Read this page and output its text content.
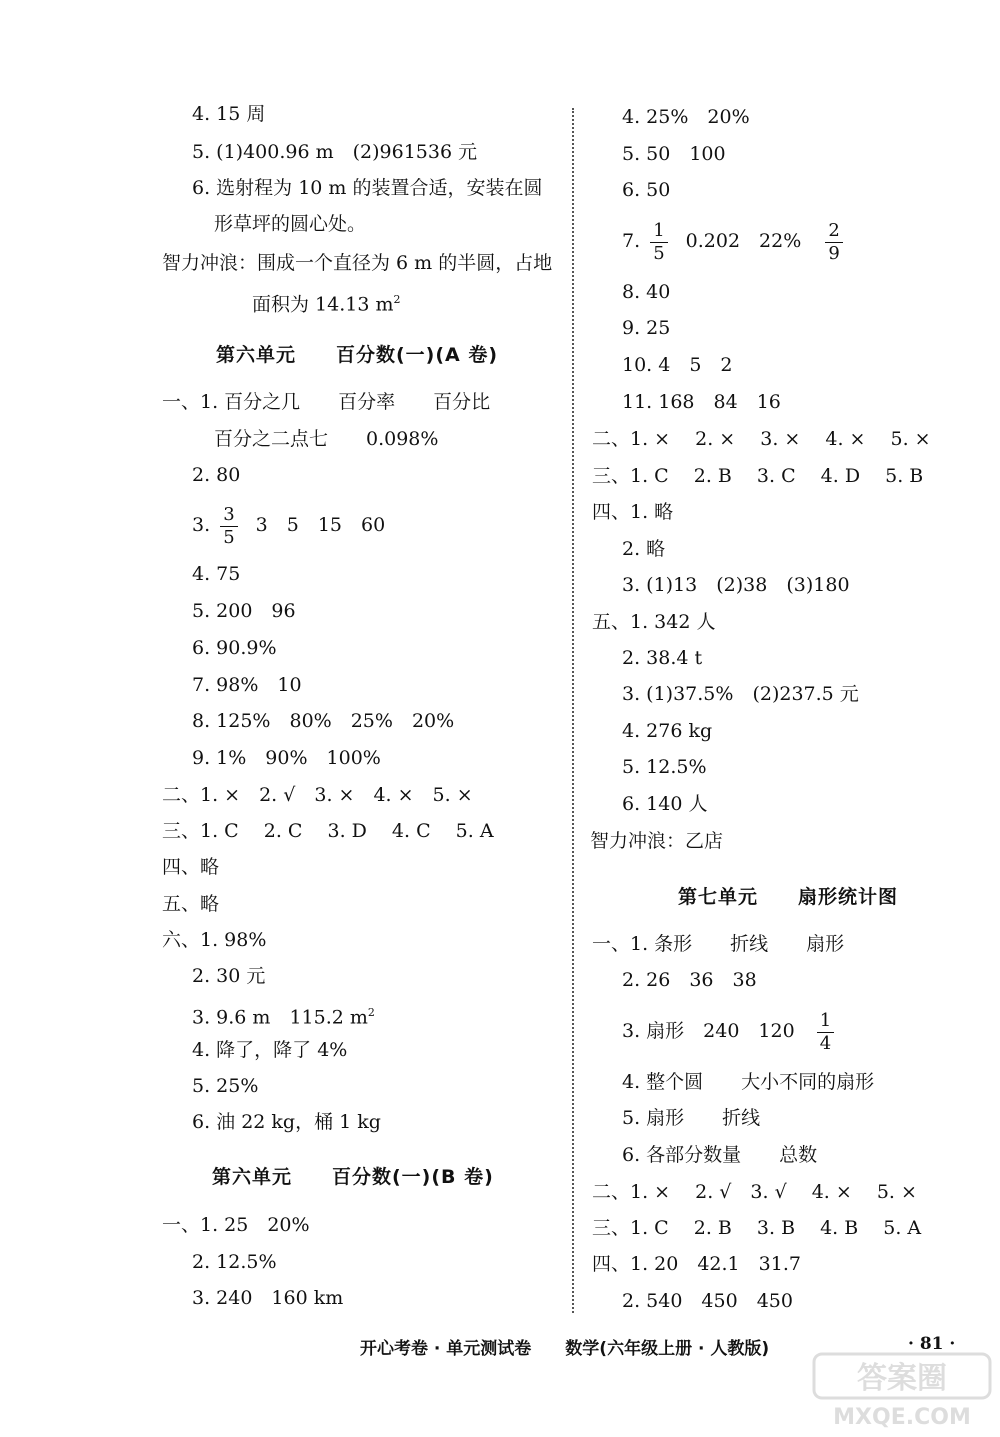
4. 15 周
5. (1)400.96 m　(2)961536 元
6. 选射程为 10 m 的装置合适，安装在圆
形草坪的圆心处。
智力冲浪：围成一个直径为 6 m 的半圆，占地
面积为 14.13 $m^2$
第六单元　　百分数(一)(A 卷)
一、1. 百分之几　　百分率　　百分比
百分之二点七　　0.098%
2. 80
3. $\frac{3}{5} 3$　5　15　60
4. 75
5. 200　96
6. 90.9%
7. 98%　10
8. 125%　80%　25%　20%
9. 1%　90%　100%
二、1. ×　2. √　3. ×　4. ×　5. ×
三、1. C　 2. C　 3. D　 4. C　 5. A
四、略
五、略
六、1. 98%
2. 30 元
3. 9.6 m　115.2 $m^2$
4. 降了，降了 4%
5. 25%
6. 油 22 kg，桶 1 kg
第六单元　　百分数(一)(B 卷)
一、1. 25　20%
2. 12.5%
3. 240　160 km
4. 25%　20%
5. 50　100
6. 50
7. $\frac{1}{5} 0.202$　$22\% \frac{2}{9}$
8. 40
9. 25
10. 4　5　2
11. 168　84　16
二、1. ×　 2. ×　 3. ×　 4. ×　 5. ×
三、1. C　 2. B　 3. C　 4. D　 5. B
四、1. 略
2. 略
3. (1)13　(2)38　(3)180
五、1. 342 人
2. 38.4 t
3. (1)37.5%　(2)237.5 元
4. 276 kg
5. 12.5%
6. 140 人
智力冲浪：乙店
第七单元　　扇形统计图
一、1. 条形　　折线　　扇形
2. 26　36　38
3. 扇形　240　$120 \frac{1}{4}$
4. 整个圆　　大小不同的扇形
5. 扇形　　折线
6. 各部分数量　　总数
二、1. ×　 2. √　3. √　 4. ×　 5. ×
三、1. C　 2. B　 3. B　 4. B　 5. A
四、1. 20　42.1　31.7
2. 540　450　450
开心考卷 · 单元测试卷　　数学(六年级上册 · 人教版)	· 81 ·
答案圈
MXQE.COM
